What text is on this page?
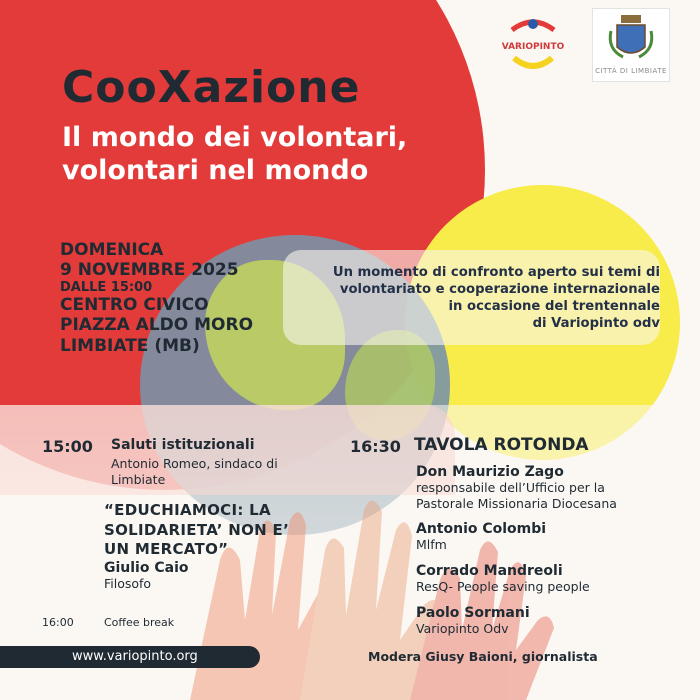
VARIOPINTO
CITTÀ DI LIMBIATE
CooXazione
Il mondo dei volontari,
volontari nel mondo
DOMENICA
9 NOVEMBRE 2025
DALLE 15:00
CENTRO CIVICO
PIAZZA ALDO MORO
LIMBIATE (MB)
Un momento di confronto aperto sui temi di
volontariato e cooperazione internazionale
in occasione del trentennale
di Variopinto odv
15:00 Saluti istituzionali
Antonio Romeo, sindaco di
Limbiate
“EDUCHIAMOCI: LA
SOLIDARIETA’ NON E’
UN MERCATO”
Giulio Caio
Filosofo
16:00	Coffee break
16:30 TAVOLA ROTONDA
Don Maurizio Zago
responsabile dell’Ufficio per la
Pastorale Missionaria Diocesana
Antonio Colombi
Mlfm
Corrado Mandreoli
ResQ- People saving people
Paolo Sormani
Variopinto Odv
www.variopinto.org	Modera Giusy Baioni, giornalista
